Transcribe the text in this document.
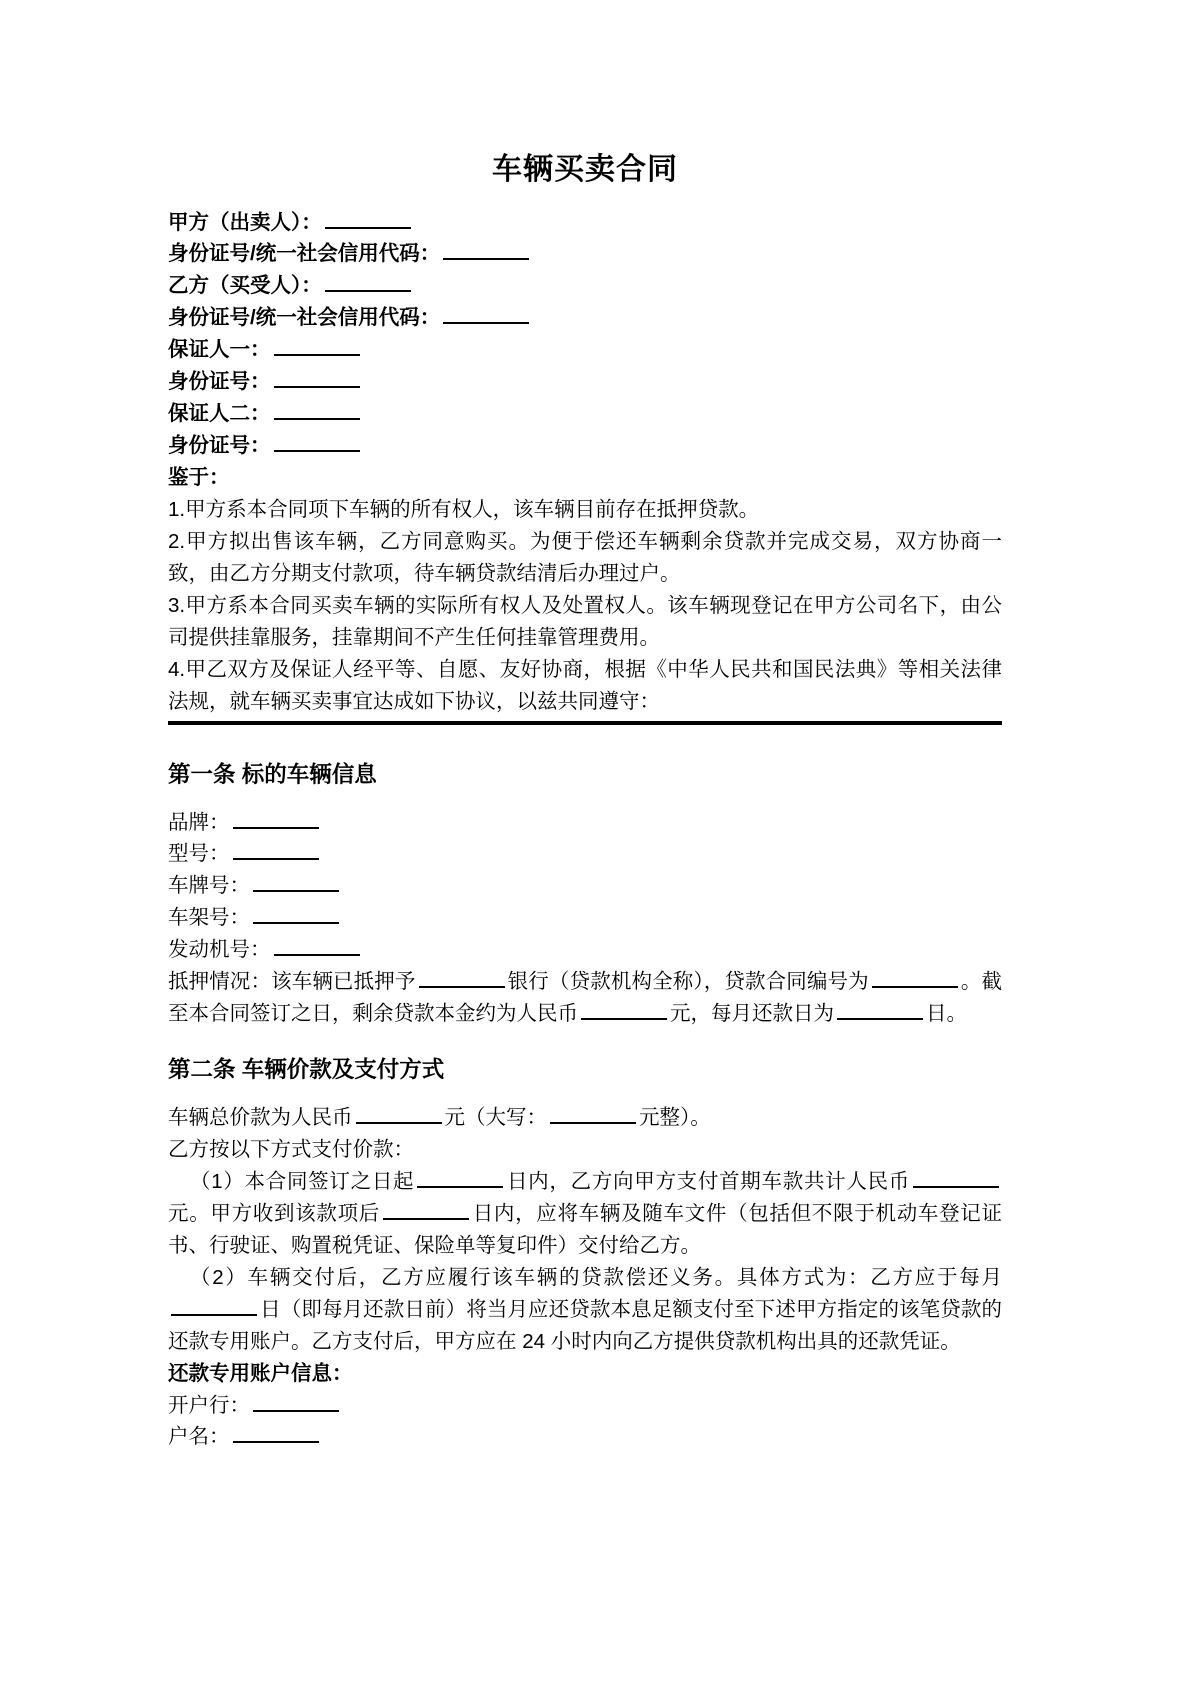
车辆买卖合同
甲方（出卖人）：
身份证号/统一社会信用代码：
乙方（买受人）：
身份证号/统一社会信用代码：
保证人一：
身份证号：
保证人二：
身份证号：
鉴于：
1.甲方系本合同项下车辆的所有权人，该车辆目前存在抵押贷款。
2.甲方拟出售该车辆，乙方同意购买。为便于偿还车辆剩余贷款并完成交易，双方协商一致，由乙方分期支付款项，待车辆贷款结清后办理过户。
3.甲方系本合同买卖车辆的实际所有权人及处置权人。该车辆现登记在甲方公司名下，由公司提供挂靠服务，挂靠期间不产生任何挂靠管理费用。
4.甲乙双方及保证人经平等、自愿、友好协商，根据《中华人民共和国民法典》等相关法律法规，就车辆买卖事宜达成如下协议，以兹共同遵守：
第一条 标的车辆信息
品牌：
型号：
车牌号：
车架号：
发动机号：
抵押情况：该车辆已抵押予	银行（贷款机构全称），贷款合同编号为	。截至本合同签订之日，剩余贷款本金约为人民币	元，每月还款日为	日。
第二条 车辆价款及支付方式
车辆总价款为人民币	元（大写：	元整）。
乙方按以下方式支付价款：
（1）本合同签订之日起	日内，乙方向甲方支付首期车款共计人民币元。甲方收到该款项后	日内，应将车辆及随车文件（包括但不限于机动车登记证书、行驶证、购置税凭证、保险单等复印件）交付给乙方。
（2）车辆交付后，乙方应履行该车辆的贷款偿还义务。具体方式为：乙方应于每月日（即每月还款日前）将当月应还贷款本息足额支付至下述甲方指定的该笔贷款的还款专用账户。乙方支付后，甲方应在 24 小时内向乙方提供贷款机构出具的还款凭证。
还款专用账户信息：
开户行：
户名：
